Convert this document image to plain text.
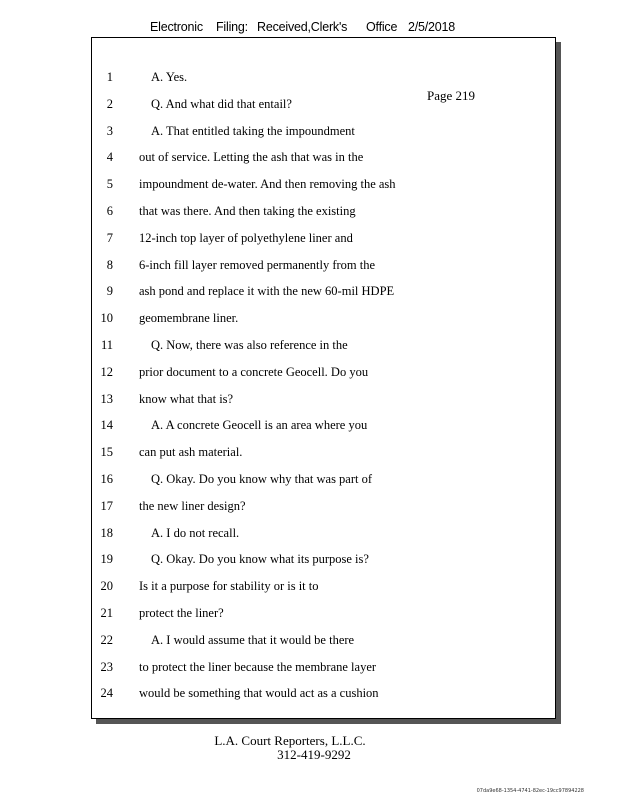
Electronic Filing: Received,Clerk's Office 2/5/2018
Page 219
1	A. Yes.
2	Q. And what did that entail?
3	A. That entitled taking the impoundment
4 out of service. Letting the ash that was in the
5 impoundment de-water. And then removing the ash
6 that was there. And then taking the existing
7 12-inch top layer of polyethylene liner and
8 6-inch fill layer removed permanently from the
9 ash pond and replace it with the new 60-mil HDPE
10 geomembrane liner.
11	Q. Now, there was also reference in the
12 prior document to a concrete Geocell. Do you
13 know what that is?
14	A. A concrete Geocell is an area where you
15 can put ash material.
16	Q. Okay. Do you know why that was part of
17 the new liner design?
18	A. I do not recall.
19	Q. Okay. Do you know what its purpose is?
20 Is it a purpose for stability or is it to
21 protect the liner?
22	A. I would assume that it would be there
23 to protect the liner because the membrane layer
24 would be something that would act as a cushion
L.A. Court Reporters, L.L.C.
312-419-9292
07da9e68-1354-4741-82ec-19cc97894228
